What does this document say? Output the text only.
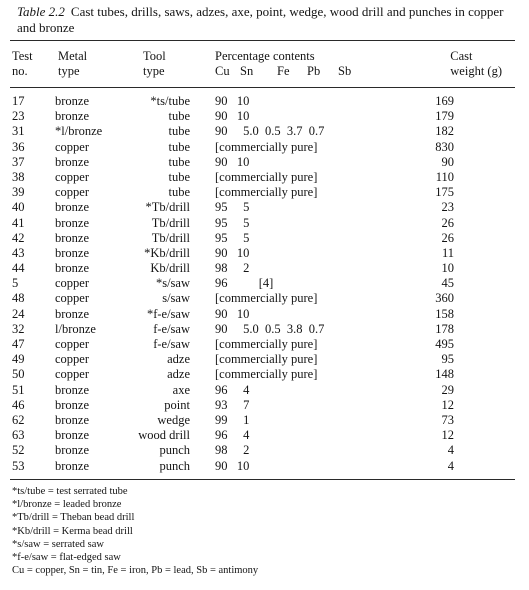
Table 2.2 Cast tubes, drills, saws, adzes, axe, point, wedge, wood drill and punches in copper and bronze
Test
no.
Metal
type
Tool
type
Percentage contents
Cu Sn Fe Pb Sb
Cast
weight (g)
17	bronze	*ts/tube 90   10	169
23	bronze	tube 90   10	179
31	*l/bronze	tube 90     5.0  0.5  3.7  0.7	182
36	copper	tube [commercially pure]	830
37	bronze	tube 90   10	90
38	copper	tube [commercially pure]	110
39	copper	tube [commercially pure]	175
40	bronze	*Tb/drill 95     5	23
41	bronze	Tb/drill 95     5	26
42	bronze	Tb/drill 95     5	26
43	bronze	*Kb/drill 90   10	11
44	bronze	Kb/drill 98     2	10
5	copper	*s/saw 96          [4]	45
48	copper	s/saw [commercially pure]	360
24	bronze	*f-e/saw 90   10	158
32	l/bronze	f-e/saw 90     5.0  0.5  3.8  0.7	178
47	copper	f-e/saw [commercially pure]	495
49	copper	adze [commercially pure]	95
50	copper	adze [commercially pure]	148
51	bronze	axe 96     4	29
46	bronze	point 93     7	12
62	bronze	wedge 99     1	73
63	bronze	wood drill 96     4	12
52	bronze	punch 98     2	4
53	bronze	punch 90   10	4
*ts/tube = test serrated tube
*l/bronze = leaded bronze
*Tb/drill = Theban bead drill
*Kb/drill = Kerma bead drill
*s/saw = serrated saw
*f-e/saw = flat-edged saw
Cu = copper, Sn = tin, Fe = iron, Pb = lead, Sb = antimony
